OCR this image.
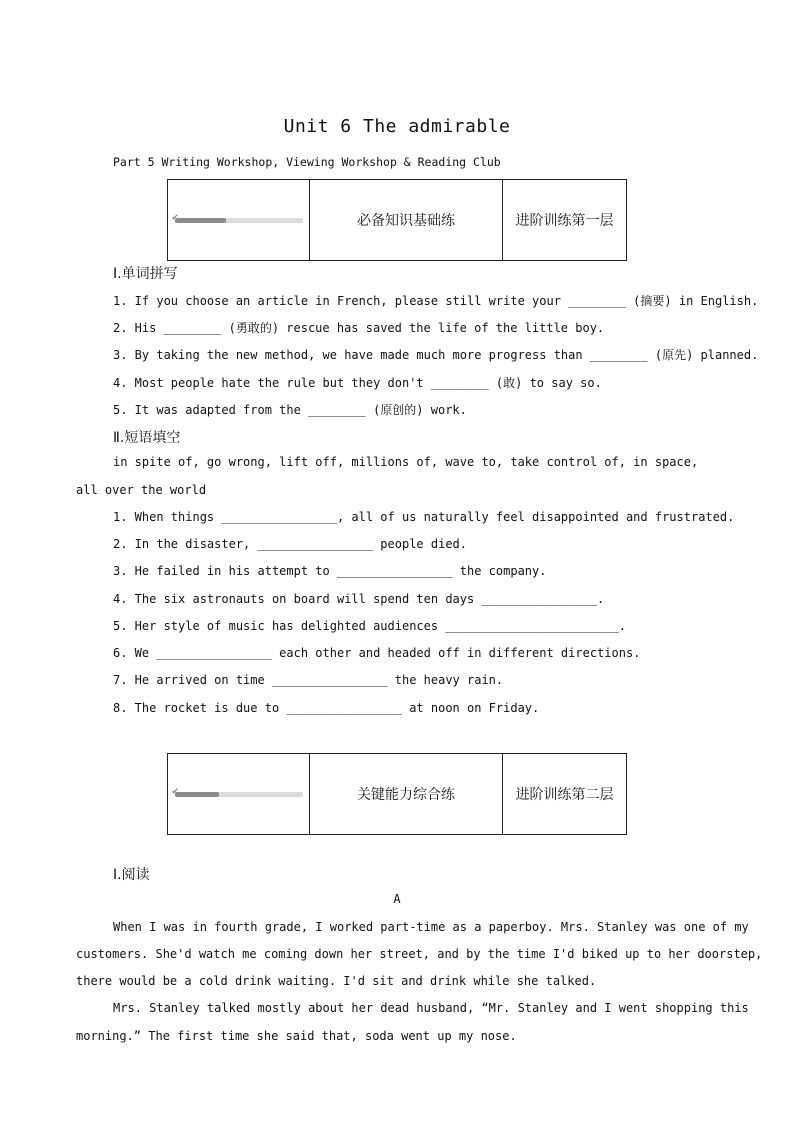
Unit 6 The admirable
Part 5 Writing Workshop, Viewing Workshop & Reading Club
✔	必备知识基础练	进阶训练第一层
Ⅰ.单词拼写
1. If you choose an article in French, please still write your ________ (摘要) in English.
2. His ________ (勇敢的) rescue has saved the life of the little boy.
3. By taking the new method, we have made much more progress than ________ (原先) planned.
4. Most people hate the rule but they don't ________ (敢) to say so.
5. It was adapted from the ________ (原创的) work.
Ⅱ.短语填空
in spite of, go wrong, lift off, millions of, wave to, take control of, in space,
all over the world
1. When things ________________, all of us naturally feel disappointed and frustrated.
2. In the disaster, ________________ people died.
3. He failed in his attempt to ________________ the company.
4. The six astronauts on board will spend ten days ________________.
5. Her style of music has delighted audiences ________________________.
6. We ________________ each other and headed off in different directions.
7. He arrived on time ________________ the heavy rain.
8. The rocket is due to ________________ at noon on Friday.
✔	关键能力综合练	进阶训练第二层
Ⅰ.阅读
A
When I was in fourth grade, I worked part-time as a paperboy. Mrs. Stanley was one of my
customers. She'd watch me coming down her street, and by the time I'd biked up to her doorstep,
there would be a cold drink waiting. I'd sit and drink while she talked.
Mrs. Stanley talked mostly about her dead husband, “Mr. Stanley and I went shopping this
morning.” The first time she said that, soda went up my nose.
